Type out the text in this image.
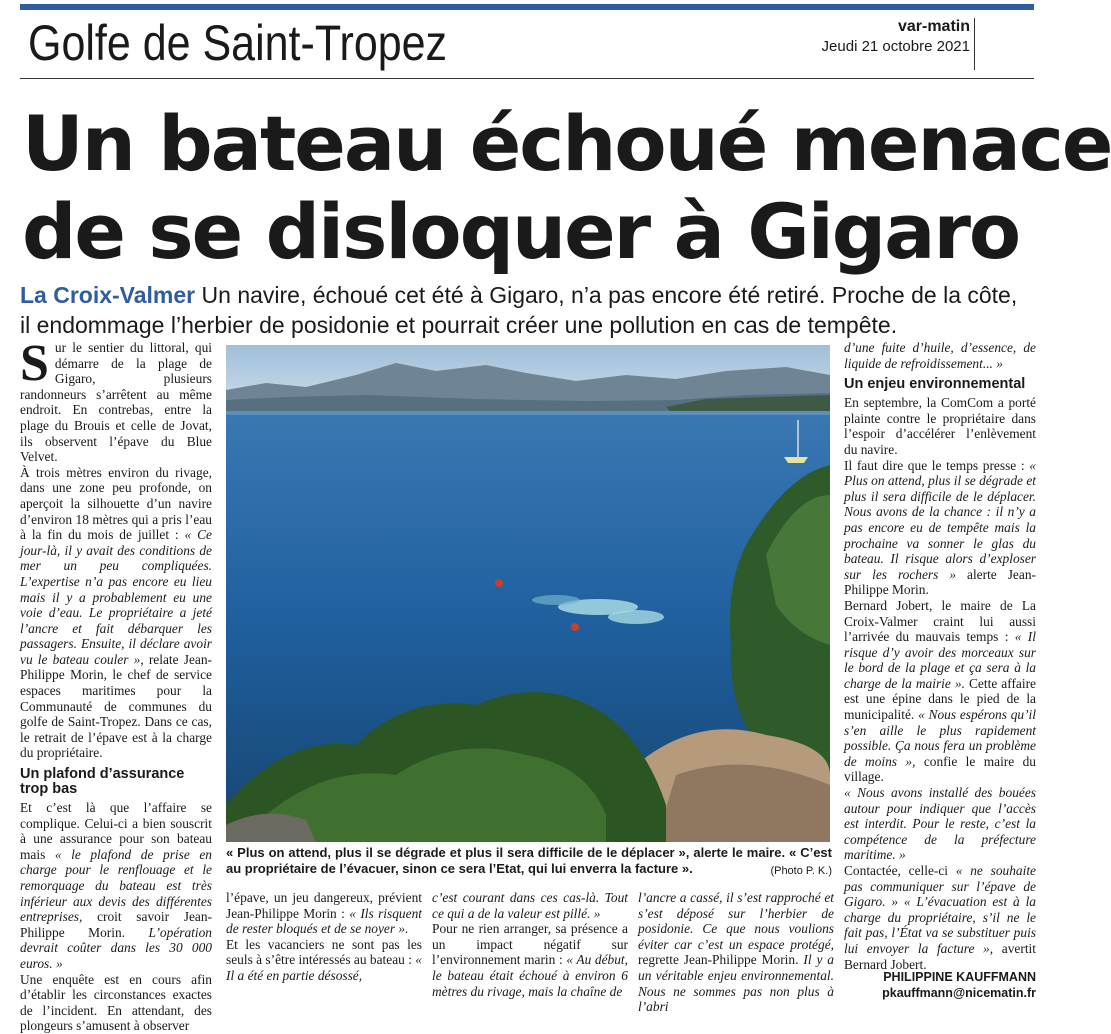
Golfe de Saint-Tropez	var-matin
Jeudi 21 octobre 2021
Un bateau échoué menace
de se disloquer à Gigaro

La Croix-Valmer Un navire, échoué cet été à Gigaro, n’a pas encore été retiré. Proche de la côte, il endommage l’herbier de posidonie et pourrait créer une pollution en cas de tempête.

Sur le sentier du littoral, qui démarre de la plage de Gigaro, plusieurs randonneurs s’arrêtent au même endroit. En contrebas, entre la plage du Brouis et celle de Jovat, ils observent l’épave du Blue Velvet.

À trois mètres environ du rivage, dans une zone peu profonde, on aperçoit la silhouette d’un navire d’environ 18 mètres qui a pris l’eau à la fin du mois de juillet : « Ce jour-là, il y avait des conditions de mer un peu compliquées. L’expertise n’a pas encore eu lieu mais il y a probablement eu une voie d’eau. Le propriétaire a jeté l’ancre et fait débarquer les passagers. Ensuite, il déclare avoir vu le bateau couler », relate Jean-Philippe Morin, le chef de service espaces maritimes pour la Communauté de communes du golfe de Saint-Tropez. Dans ce cas, le retrait de l’épave est à la charge du propriétaire.

Un plafond d’assurance trop bas

Et c’est là que l’affaire se complique. Celui-ci a bien souscrit à une assurance pour son bateau mais « le plafond de prise en charge pour le renflouage et le remorquage du bateau est très inférieur aux devis des différentes entreprises, croit savoir Jean-Philippe Morin. L’opération devrait coûter dans les 30 000 euros. »

Une enquête est en cours afin d’établir les circonstances exactes de l’incident. En attendant, des plongeurs s’amusent à observer

« Plus on attend, plus il se dégrade et plus il sera difficile de le déplacer », alerte le maire. « C’est au propriétaire de l’évacuer, sinon ce sera l’Etat, qui lui enverra la facture ».	(Photo P. K.)

l’épave, un jeu dangereux, prévient Jean-Philippe Morin : « Ils risquent de rester bloqués et de se noyer ».

Et les vacanciers ne sont pas les seuls à s’être intéressés au bateau : « Il a été en partie désossé,

c’est courant dans ces cas-là. Tout ce qui a de la valeur est pillé. »

Pour ne rien arranger, sa présence a un impact négatif sur l’environnement marin : « Au début, le bateau était échoué à environ 6 mètres du rivage, mais la chaîne de

l’ancre a cassé, il s’est rapproché et s’est déposé sur l’herbier de posidonie. Ce que nous voulions éviter car c’est un espace protégé, regrette Jean-Philippe Morin. Il y a un véritable enjeu environnemental. Nous ne sommes pas non plus à l’abri

d’une fuite d’huile, d’essence, de liquide de refroidissement... »

Un enjeu environnemental

En septembre, la ComCom a porté plainte contre le propriétaire dans l’espoir d’accélérer l’enlèvement du navire.

Il faut dire que le temps presse : « Plus on attend, plus il se dégrade et plus il sera difficile de le déplacer. Nous avons de la chance : il n’y a pas encore eu de tempête mais la prochaine va sonner le glas du bateau. Il risque alors d’exploser sur les rochers » alerte Jean-Philippe Morin.

Bernard Jobert, le maire de La Croix-Valmer craint lui aussi l’arrivée du mauvais temps : « Il risque d’y avoir des morceaux sur le bord de la plage et ça sera à la charge de la mairie ». Cette affaire est une épine dans le pied de la municipalité. « Nous espérons qu’il s’en aille le plus rapidement possible. Ça nous fera un problème de moins », confie le maire du village.

« Nous avons installé des bouées autour pour indiquer que l’accès est interdit. Pour le reste, c’est la compétence de la préfecture maritime. »

Contactée, celle-ci « ne souhaite pas communiquer sur l’épave de Gigaro. » « L’évacuation est à la charge du propriétaire, s’il ne le fait pas, l’État va se substituer puis lui envoyer la facture », avertit Bernard Jobert.

PHILIPPINE KAUFFMANN
pkauffmann@nicematin.fr
